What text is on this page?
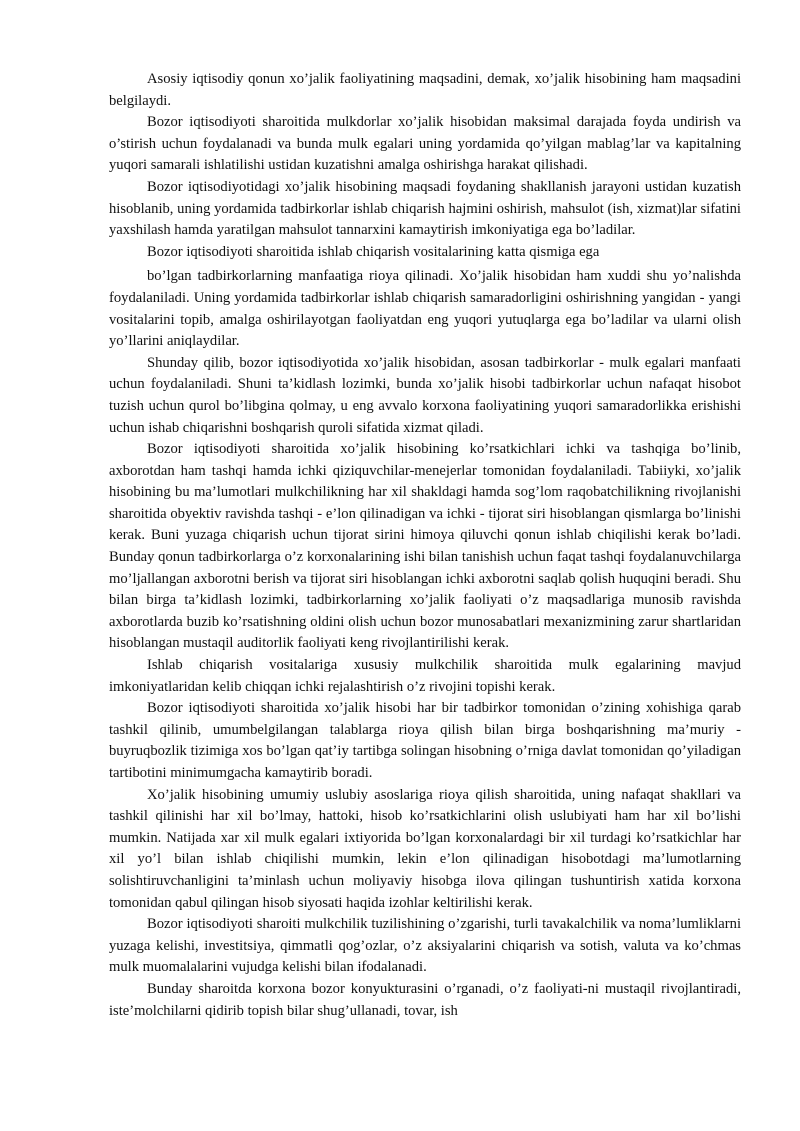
Asosiy iqtisodiy qonun xo’jalik faoliyatining maqsadini, demak, xo’jalik hisobining ham maqsadini belgilaydi.

Bozor iqtisodiyoti sharoitida mulkdorlar xo’jalik hisobidan maksimal darajada foyda undirish va o’stirish uchun foydalanadi va bunda mulk egalari uning yordamida qo’yilgan mablag’lar va kapitalning yuqori samarali ishlatilishi ustidan kuzatishni amalga oshirishga harakat qilishadi.

Bozor iqtisodiyotidagi xo’jalik hisobining maqsadi foydaning shakllanish jarayoni ustidan kuzatish hisoblanib, uning yordamida tadbirkorlar ishlab chiqarish hajmini oshirish, mahsulot (ish, xizmat)lar sifatini yaxshilash hamda yaratilgan mahsulot tannarxini kamaytirish imkoniyatiga ega bo’ladilar.

Bozor iqtisodiyoti sharoitida ishlab chiqarish vositalarining katta qismiga ega

bo’lgan tadbirkorlarning manfaatiga rioya qilinadi. Xo’jalik hisobidan ham xuddi shu yo’nalishda foydalaniladi. Uning yordamida tadbirkorlar ishlab chiqarish samaradorligini oshirishning yangidan - yangi vositalarini topib, amalga oshirilayotgan faoliyatdan eng yuqori yutuqlarga ega bo’ladilar va ularni olish yo’llarini aniqlaydilar.

Shunday qilib, bozor iqtisodiyotida xo’jalik hisobidan, asosan tadbirkorlar - mulk egalari manfaati uchun foydalaniladi. Shuni ta’kidlash lozimki, bunda xo’jalik hisobi tadbirkorlar uchun nafaqat hisobot tuzish uchun qurol bo’libgina qolmay, u eng avvalo korxona faoliyatining yuqori samaradorlikka erishishi uchun ishab chiqarishni boshqarish quroli sifatida xizmat qiladi.

Bozor iqtisodiyoti sharoitida xo’jalik hisobining ko’rsatkichlari ichki va tashqiga bo’linib, axborotdan ham tashqi hamda ichki qiziquvchilar-menejerlar tomonidan foydalaniladi. Tabiiyki, xo’jalik hisobining bu ma’lumotlari mulkchilikning har xil shakldagi hamda sog’lom raqobatchilikning rivojlanishi sharoitida obyektiv ravishda tashqi - e’lon qilinadigan va ichki - tijorat siri hisoblangan qismlarga bo’linishi kerak. Buni yuzaga chiqarish uchun tijorat sirini himoya qiluvchi qonun ishlab chiqilishi kerak bo’ladi. Bunday qonun tadbirkorlarga o’z korxonalarining ishi bilan tanishish uchun faqat tashqi foydalanuvchilarga mo’ljallangan axborotni berish va tijorat siri hisoblangan ichki axborotni saqlab qolish huquqini beradi. Shu bilan birga ta’kidlash lozimki, tadbirkorlarning xo’jalik faoliyati o’z maqsadlariga munosib ravishda axborotlarda buzib ko’rsatishning oldini olish uchun bozor munosabatlari mexanizmining zarur shartlaridan hisoblangan mustaqil auditorlik faoliyati keng rivojlantirilishi kerak.

Ishlab chiqarish vositalariga xususiy mulkchilik sharoitida mulk egalarining mavjud imkoniyatlaridan kelib chiqqan ichki rejalashtirish o’z rivojini topishi kerak.

Bozor iqtisodiyoti sharoitida xo’jalik hisobi har bir tadbirkor tomonidan o’zining xohishiga qarab tashkil qilinib, umumbelgilangan talablarga rioya qilish bilan birga boshqarishning ma’muriy - buyruqbozlik tizimiga xos bo’lgan qat’iy tartibga solingan hisobning o’rniga davlat tomonidan qo’yiladigan tartibotini minimumgacha kamaytirib boradi.

Xo’jalik hisobining umumiy uslubiy asoslariga rioya qilish sharoitida, uning nafaqat shakllari va tashkil qilinishi har xil bo’lmay, hattoki, hisob ko’rsatkichlarini olish uslubiyati ham har xil bo’lishi mumkin. Natijada xar xil mulk egalari ixtiyorida bo’lgan korxonalardagi bir xil turdagi ko’rsatkichlar har xil yo’l bilan ishlab chiqilishi mumkin, lekin e’lon qilinadigan hisobotdagi ma’lumotlarning solishtiruvchanligini ta’minlash uchun moliyaviy hisobga ilova qilingan tushuntirish xatida korxona tomonidan qabul qilingan hisob siyosati haqida izohlar keltirilishi kerak.

Bozor iqtisodiyoti sharoiti mulkchilik tuzilishining o’zgarishi, turli tavakalchilik va noma’lumliklarni yuzaga kelishi, investitsiya, qimmatli qog’ozlar, o’z aksiyalarini chiqarish va sotish, valuta va ko’chmas mulk muomalalarini vujudga kelishi bilan ifodalanadi.

Bunday sharoitda korxona bozor konyukturasini o’rganadi, o’z faoliyati-ni mustaqil rivojlantiradi, iste’molchilarni qidirib topish bilar shug’ullanadi, tovar, ish
